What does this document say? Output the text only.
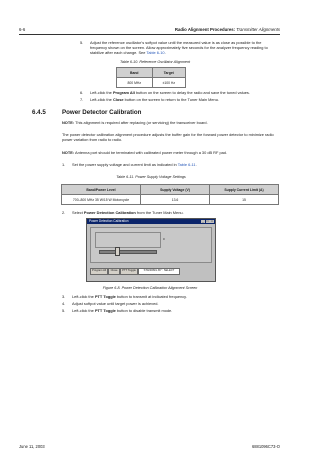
6-6	Radio Alignment Procedures: Transmitter Alignments
5. Adjust the reference oscillator’s softpot value until the measured value is as close as possible to the frequency shown on the screen. Allow approximately five seconds for the analyzer frequency reading to stabilize after each change. See Table 6-10.
Table 6-10. Reference Oscillator Alignment
Band	Target
800 MHz	±100 Hz
6. Left-click the Program All button on the screen to delay the radio and save the tuned values.
7. Left-click the Close button on the screen to return to the Tuner Main Menu.
6.4.5	Power Detector Calibration
NOTE: This alignment is required after replacing (or servicing) the transceiver board.
The power detector calibration alignment procedure adjusts the buffer gain for the forward power detector to minimize radio power variation from radio to radio.
NOTE: Antenna port should be terminated with calibrated power meter through a 30 dB RF pad.
1. Set the power supply voltage and current limit as indicated in Table 6-11.
Table 6-11. Power Supply Voltage Settings
Band/Power Level	Supply Voltage (V)	Supply Current Limit (A)
700–800 MHz 35 W/15 W Motorcycle	13.6	15
2. Select Power Detection Calibration from the Tuner Main Menu.
Power Detection Calibration	_ □ ×
0
Program All	Close	PTT Toggle	STANDING BY : SELECT
Figure 6-8. Power Detection Calibration Alignment Screen
3. Left-click the PTT Toggle button to transmit at indicated frequency.
4. Adjust softpot value until target power is achieved.
5. Left-click the PTT Toggle button to disable transmit mode.
June 11, 2003	6881096C73-O
